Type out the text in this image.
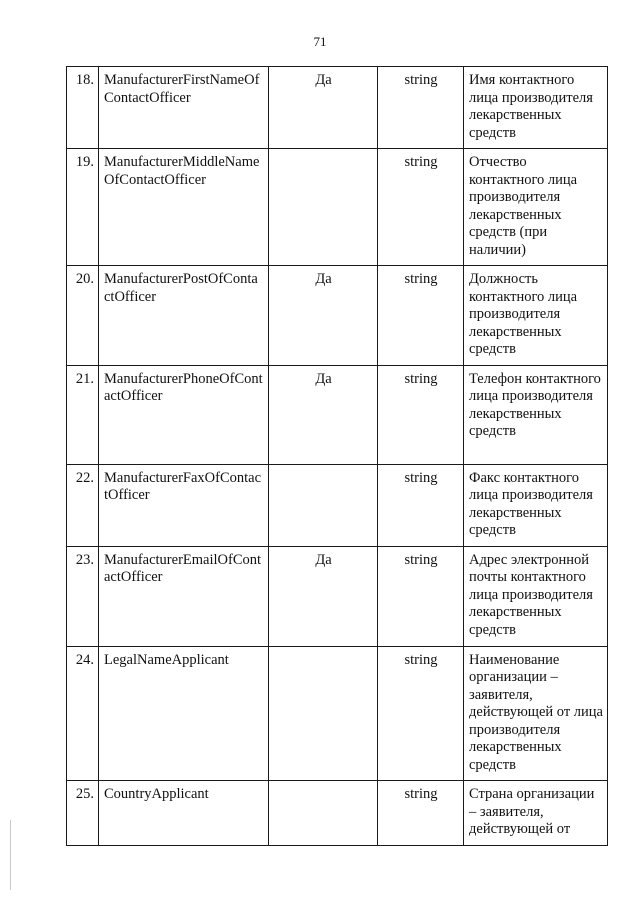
71
18.	ManufacturerFirstNameOfContactOfficer	Да	string	Имя контактного лица производителя лекарственных средств
19.	ManufacturerMiddleNameOfContactOfficer		string	Отчество контактного лица производителя лекарственных средств (при наличии)
20.	ManufacturerPostOfContactOfficer	Да	string	Должность контактного лица производителя лекарственных средств
21.	ManufacturerPhoneOfContactOfficer	Да	string	Телефон контактного лица производителя лекарственных средств
22.	ManufacturerFaxOfContactOfficer		string	Факс контактного лица производителя лекарственных средств
23.	ManufacturerEmailOfContactOfficer	Да	string	Адрес электронной почты контактного лица производителя лекарственных средств
24.	LegalNameApplicant		string	Наименование организации – заявителя, действующей от лица производителя лекарственных средств
25.	CountryApplicant		string	Страна организации – заявителя, действующей от
